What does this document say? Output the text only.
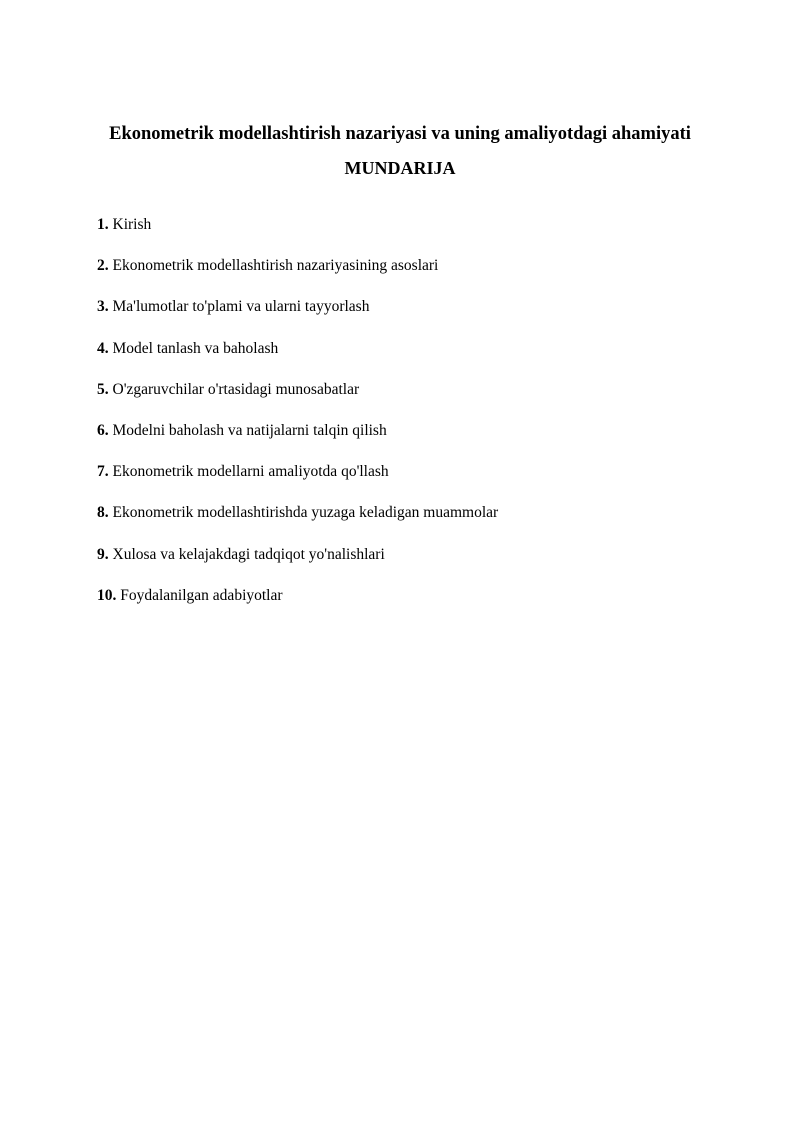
Ekonometrik modellashtirish nazariyasi va uning amaliyotdagi ahamiyati
MUNDARIJA
1. Kirish
2. Ekonometrik modellashtirish nazariyasining asoslari
3. Ma'lumotlar to'plami va ularni tayyorlash
4. Model tanlash va baholash
5. O'zgaruvchilar o'rtasidagi munosabatlar
6. Modelni baholash va natijalarni talqin qilish
7. Ekonometrik modellarni amaliyotda qo'llash
8. Ekonometrik modellashtirishda yuzaga keladigan muammolar
9. Xulosa va kelajakdagi tadqiqot yo'nalishlari
10. Foydalanilgan adabiyotlar
